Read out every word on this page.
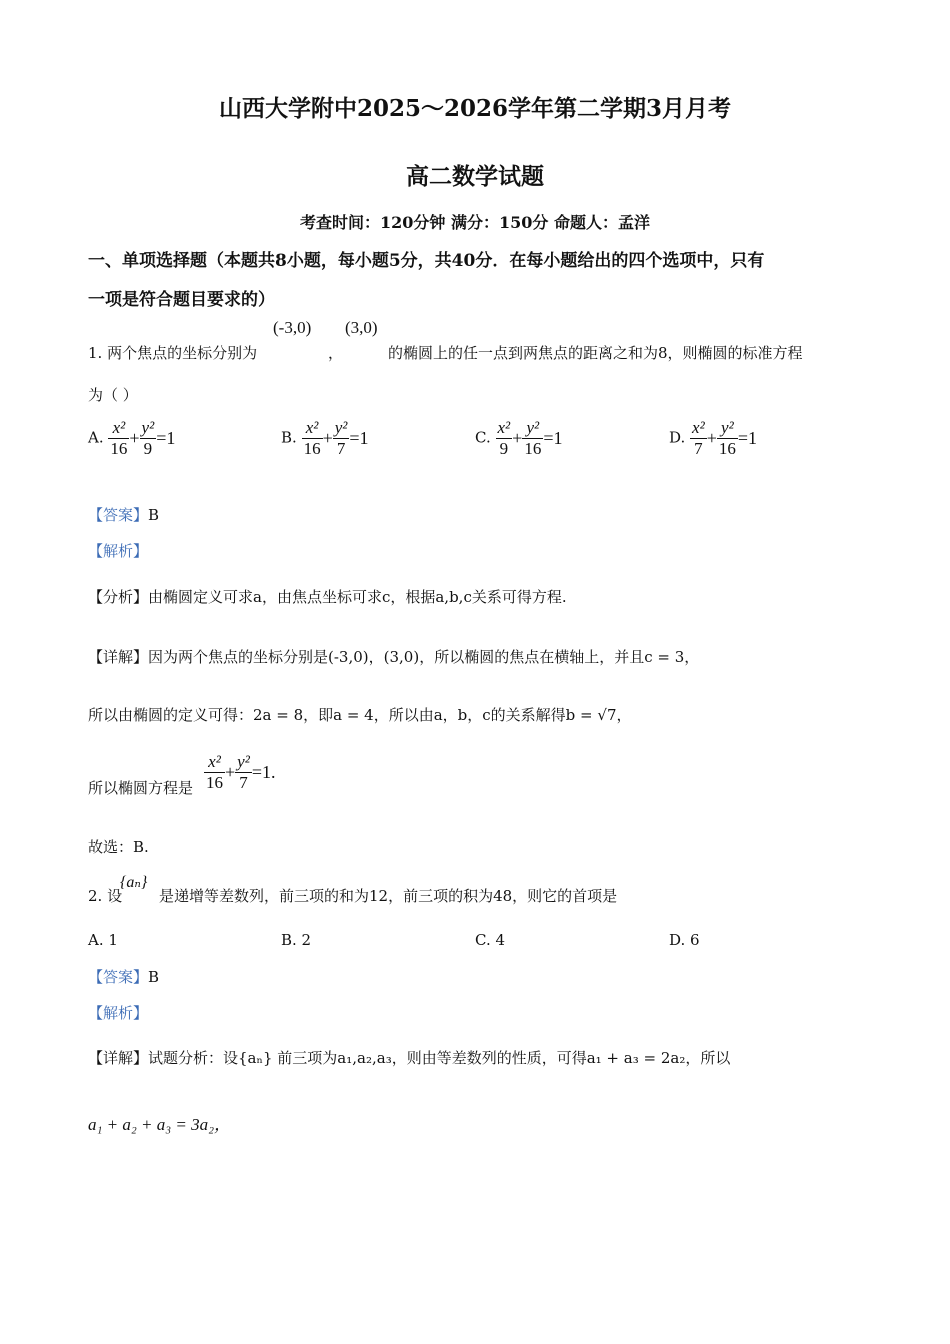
山西大学附中2025～2026学年第二学期3月月考
高二数学试题
考查时间：120分钟 满分：150分 命题人：孟洋
一、单项选择题（本题共8小题，每小题5分，共40分．在每小题给出的四个选项中，只有
一项是符合题目要求的）
1. 两个焦点的坐标分别为
(-3,0)
，
(3,0)
的椭圆上的任一点到两焦点的距离之和为8，则椭圆的标准方程
为（ ）
A. $\frac{\text{x²}}{16} + \frac{\text{y²}}{9} =1$	B. $\frac{\text{x²}}{16} + \frac{\text{y²}}{7} =1$	C. $\frac{\text{x²}}{9} + \frac{\text{y²}}{16} =1$	D. $\frac{\text{x²}}{7} + \frac{\text{y²}}{16} =1$
【答案】B
【解析】
【分析】由椭圆定义可求a，由焦点坐标可求c，根据a,b,c关系可得方程.
【详解】因为两个焦点的坐标分别是(-3,0)，(3,0)，所以椭圆的焦点在横轴上，并且c = 3，
所以由椭圆的定义可得：2a = 8，即a = 4，所以由a，b，c的关系解得b = √7，
所以椭圆方程是 $\frac{\text{x²}}{16} + \frac{\text{y²}}{7} =1$.
故选：B.
2. 设
{aₙ}
是递增等差数列，前三项的和为12，前三项的积为48，则它的首项是
A. 1	B. 2	C. 4	D. 6
【答案】B
【解析】
【详解】试题分析：设{aₙ} 前三项为a₁,a₂,a₃，则由等差数列的性质，可得a₁ + a₃ = 2a₂，所以
a₁ + a₂ + a₃ = 3a₂，
